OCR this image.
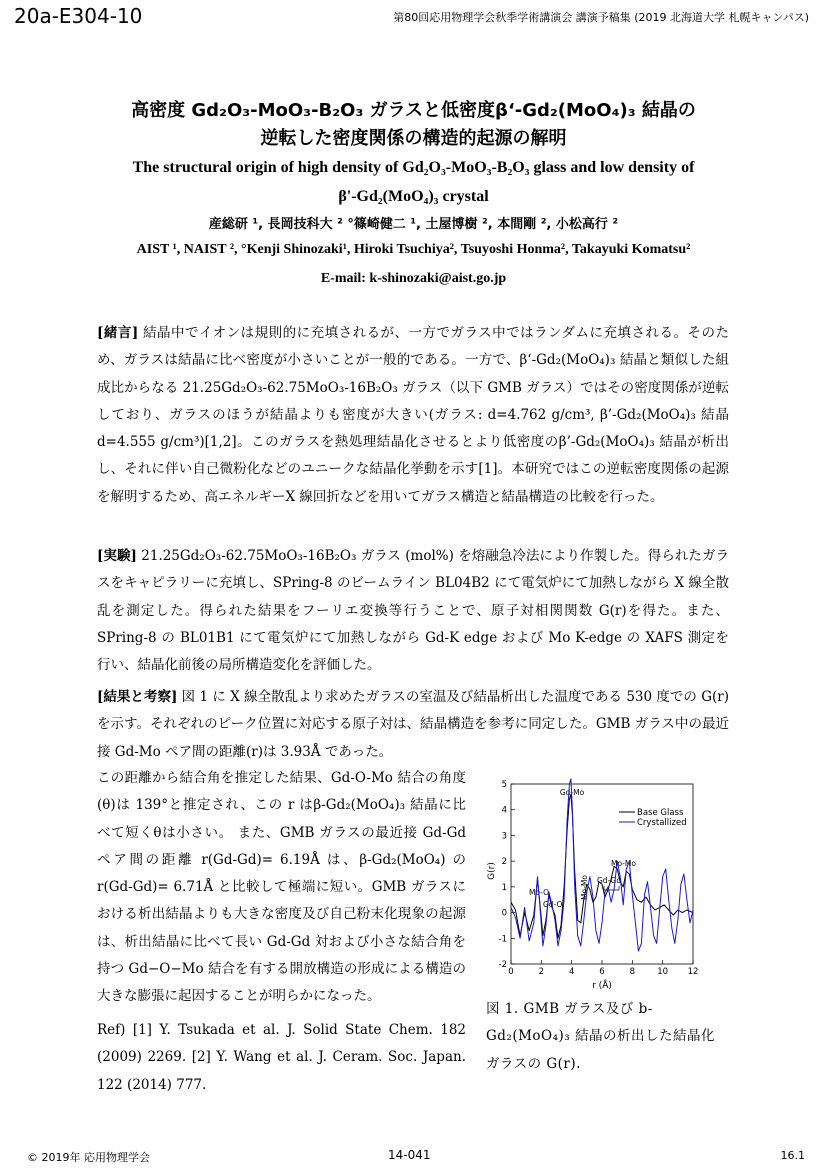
20a-E304-10	第80回応用物理学会秋季学術講演会 講演予稿集 (2019 北海道大学 札幌キャンパス)
高密度 Gd₂O₃-MoO₃-B₂O₃ ガラスと低密度β‘-Gd₂(MoO₄)₃ 結晶の
逆転した密度関係の構造的起源の解明
The structural origin of high density of Gd₂O₃-MoO₃-B₂O₃ glass and low density of
β'-Gd₂(MoO₄)₃ crystal
産総研 ¹, 長岡技科大 ² °篠崎健二 ¹, 土屋博樹 ², 本間剛 ², 小松高行 ²
AIST ¹, NAIST ², °Kenji Shinozaki¹, Hiroki Tsuchiya², Tsuyoshi Honma², Takayuki Komatsu²
E-mail: k-shinozaki@aist.go.jp
[緒言] 結晶中でイオンは規則的に充填されるが、一方でガラス中ではランダムに充填される。そのため、ガラスは結晶に比べ密度が小さいことが一般的である。一方で、β‘-Gd₂(MoO₄)₃ 結晶と類似した組成比からなる 21.25Gd₂O₃-62.75MoO₃-16B₂O₃ ガラス（以下 GMB ガラス）ではその密度関係が逆転しており、ガラスのほうが結晶よりも密度が大きい(ガラス: d=4.762 g/cm³, β’-Gd₂(MoO₄)₃ 結晶 d=4.555 g/cm³)[1,2]。このガラスを熱処理結晶化させるとより低密度のβ’-Gd₂(MoO₄)₃ 結晶が析出し、それに伴い自己微粉化などのユニークな結晶化挙動を示す[1]。本研究ではこの逆転密度関係の起源を解明するため、高エネルギーX 線回折などを用いてガラス構造と結晶構造の比較を行った。
[実験] 21.25Gd₂O₃-62.75MoO₃-16B₂O₃ ガラス (mol%) を熔融急冷法により作製した。得られたガラスをキャピラリーに充填し、SPring-8 のビームライン BL04B2 にて電気炉にて加熱しながら X 線全散乱を測定した。得られた結果をフーリエ変換等行うことで、原子対相関関数 G(r)を得た。また、SPring-8 の BL01B1 にて電気炉にて加熱しながら Gd-K edge および Mo K-edge の XAFS 測定を行い、結晶化前後の局所構造変化を評価した。
[結果と考察] 図 1 に X 線全散乱より求めたガラスの室温及び結晶析出した温度である 530 度での G(r)を示す。それぞれのピーク位置に対応する原子対は、結晶構造を参考に同定した。GMB ガラス中の最近接 Gd-Mo ペア間の距離(r)は 3.93Å であった。
この距離から結合角を推定した結果、Gd-O-Mo 結合の角度(θ)は 139°と推定され、この r はβ-Gd₂(MoO₄)₃ 結晶に比べて短くθは小さい。 また、GMB ガラスの最近接 Gd-Gd ペア間の距離 r(Gd-Gd)= 6.19Å は、β-Gd₂(MoO₄) の r(Gd-Gd)= 6.71Å と比較して極端に短い。GMB ガラスにおける析出結晶よりも大きな密度及び自己粉末化現象の起源は、析出結晶に比べて長い Gd-Gd 対および小さな結合角を持つ Gd−O−Mo 結合を有する開放構造の形成による構造の大きな膨張に起因することが明らかになった。
Ref) [1] Y. Tsukada et al. J. Solid State Chem. 182 (2009) 2269. [2] Y. Wang et al. J. Ceram. Soc. Japan. 122 (2014) 777.
G(r)
r (Å)
Base Glass
Crystallized
Gd-Mo
Mo-O
Gd-O
Mo-Mo Gd-Gd
Mo-Mo
0	2	4	6	8	10 12
-2
-1
0
1
2
3
4
5
図 1. GMB ガラス及び b-Gd₂(MoO₄)₃ 結晶の析出した結晶化ガラスの G(r).
© 2019年 応用物理学会	14-041	16.1
